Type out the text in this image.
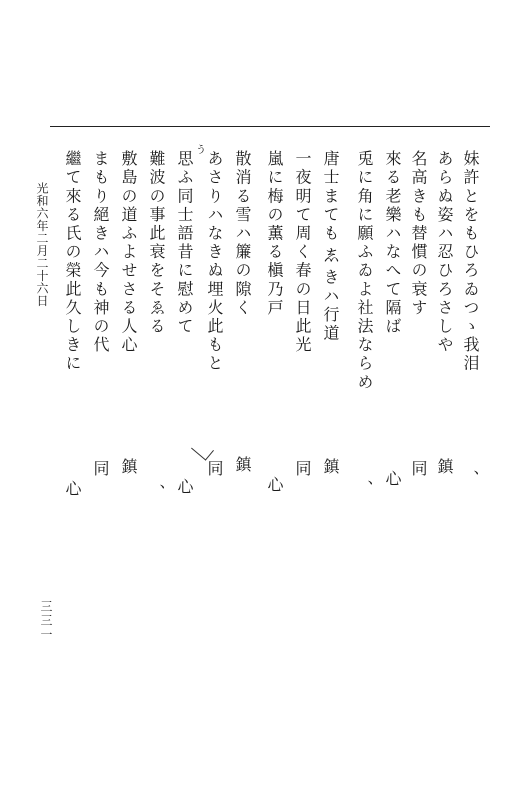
妹許とをもひろゐつゝ我泪
あらぬ姿ハ忍ひろさしや
名高きも替慣の衰す
來る老樂ハなへて隔ば
兎に角に願ふゐよ社法ならめ
唐士まても𛁈きハ行道
一夜明て周く春の日此光
嵐に梅の薫る槇乃戸
散消る雪ハ簾の隙く
あさりハなきぬ埋火此もと
思ふ同士語昔に慰めて
難波の事此衰をそゑる
敷島の道ふよせさる人心
まもり絕きハ今も神の代
繼て來る氏の榮此久しきに	う
、
鎮
同
心
、
鎮
同
心
鎮
同
心
、
鎮
同
心
光和六年二月二十六日
三三一
